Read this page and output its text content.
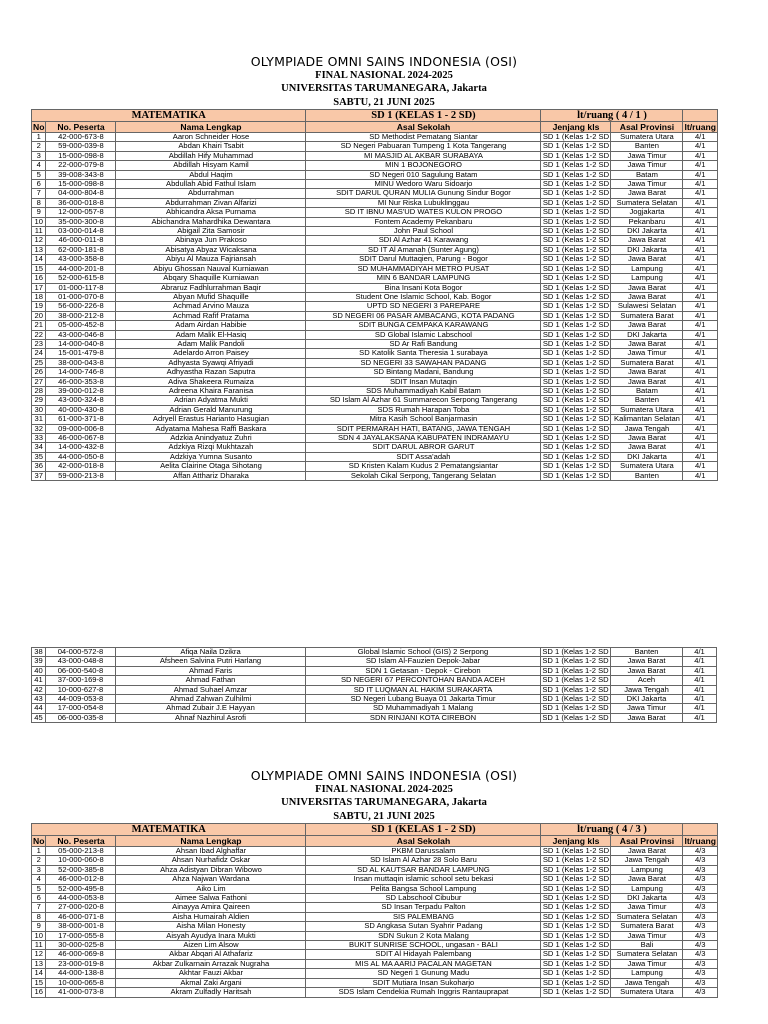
OLYMPIADE OMNI SAINS INDONESIA (OSI)
FINAL NASIONAL 2024-2025
UNIVERSITAS TARUMANEGARA, Jakarta
SABTU, 21 JUNI 2025
MATEMATIKA			SD 1 (KELAS 1 - 2 SD)	lt/ruang ( 4 / 1 )		
No	No. Peserta	Nama Lengkap	Asal Sekolah	Jenjang kls	Asal Provinsi	lt/ruang
1	42-000-673-8	Aaron Schneider Hose	SD Methodist Pematang Siantar	SD 1 (Kelas 1-2 SD	Sumatera Utara	4/1
2	59-000-039-8	Abdan Khairi Tsabit	SD Negeri Pabuaran Tumpeng 1 Kota Tangerang	SD 1 (Kelas 1-2 SD	Banten	4/1
3	15-000-098-8	Abdillah Hify Muhammad	MI MASJID AL AKBAR SURABAYA	SD 1 (Kelas 1-2 SD	Jawa Timur	4/1
4	22-000-079-8	Abdillah Hisyam Kamil	MIN 1 BOJONEGORO	SD 1 (Kelas 1-2 SD	Jawa Timur	4/1
5	39-008-343-8	Abdul Haqim	SD Negeri 010 Sagulung Batam	SD 1 (Kelas 1-2 SD	Batam	4/1
6	15-000-098-8	Abdullah Abid Fathul Islam	MINU Wedoro Waru Sidoarjo	SD 1 (Kelas 1-2 SD	Jawa Timur	4/1
7	04-000-804-8	Abdurrahman	SDIT DARUL QURAN MULIA Gunung Sindur Bogor	SD 1 (Kelas 1-2 SD	Jawa Barat	4/1
8	36-000-018-8	Abdurrahman Zivan Alfarizi	MI Nur Riska Lubuklinggau	SD 1 (Kelas 1-2 SD	Sumatera Selatan	4/1
9	12-000-057-8	Abhicandra Aksa Purnama	SD IT IBNU MAS'UD WATES KULON PROGO	SD 1 (Kelas 1-2 SD	Jogjakarta	4/1
10	35-000-300-8	Abichandra Mahardhika Dewantara	Fontem Academy Pekanbaru	SD 1 (Kelas 1-2 SD	Pekanbaru	4/1
11	03-000-014-8	Abigail Zita Samosir	John Paul School	SD 1 (Kelas 1-2 SD	DKI Jakarta	4/1
12	46-000-011-8	Abinaya Jun Prakoso	SDI Al Azhar 41 Karawang	SD 1 (Kelas 1-2 SD	Jawa Barat	4/1
13	62-000-181-8	Abisatya Abyaz Wicaksana	SD IT Al Amanah (Sunter Agung)	SD 1 (Kelas 1-2 SD	DKI Jakarta	4/1
14	43-000-358-8	Abiyu Al Mauza Fajriansah	SDIT Darul Muttaqien, Parung - Bogor	SD 1 (Kelas 1-2 SD	Jawa Barat	4/1
15	44-000-201-8	Abiyu Ghossan Nauval Kurniawan	SD MUHAMMADIYAH METRO PUSAT	SD 1 (Kelas 1-2 SD	Lampung	4/1
16	52-000-615-8	Abqary Shaquille Kurniawan	MIN 6 BANDAR LAMPUNG	SD 1 (Kelas 1-2 SD	Lampung	4/1
17	01-000-117-8	Abraruz Fadhlurrahman Baqir	Bina Insani Kota Bogor	SD 1 (Kelas 1-2 SD	Jawa Barat	4/1
18	01-000-070-8	Abyan Mufid Shaquille	Student One Islamic School, Kab. Bogor	SD 1 (Kelas 1-2 SD	Jawa Barat	4/1
19	56-000-226-8	Achmad Arvino Mauza	UPTD SD NEGERI 3 PAREPARE	SD 1 (Kelas 1-2 SD	Sulawesi Selatan	4/1
20	38-000-212-8	Achmad Rafif Pratama	SD NEGERI 06 PASAR AMBACANG, KOTA PADANG	SD 1 (Kelas 1-2 SD	Sumatera Barat	4/1
21	05-000-452-8	Adam Airdan Habibie	SDIT BUNGA CEMPAKA KARAWANG	SD 1 (Kelas 1-2 SD	Jawa Barat	4/1
22	43-000-046-8	Adam Malik El-Hasiq	SD Global Islamic Labschool	SD 1 (Kelas 1-2 SD	DKI Jakarta	4/1
23	14-000-040-8	Adam Malik Pandoli	SD Ar Rafi Bandung	SD 1 (Kelas 1-2 SD	Jawa Barat	4/1
24	15-001-479-8	Adelardo Arron Paisey	SD Katolik Santa Theresia 1 surabaya	SD 1 (Kelas 1-2 SD	Jawa Timur	4/1
25	38-000-043-8	Adhyasta Syawqi Afriyadi	SD NEGERI 33 SAWAHAN PADANG	SD 1 (Kelas 1-2 SD	Sumatera Barat	4/1
26	14-000-746-8	Adhyastha Razan Saputra	SD Bintang Madani, Bandung	SD 1 (Kelas 1-2 SD	Jawa Barat	4/1
27	46-000-353-8	Adiva Shakeera Rumaiza	SDIT Insan Mutaqin	SD 1 (Kelas 1-2 SD	Jawa Barat	4/1
28	39-000-012-8	Adreena Khaira Faranisa	SDS Muhammadiyah Kabil Batam	SD 1 (Kelas 1-2 SD	Batam	4/1
29	43-000-324-8	Adrian Adyatma Mukti	SD Islam Al Azhar 61 Summarecon Serpong Tangerang	SD 1 (Kelas 1-2 SD	Banten	4/1
30	40-000-430-8	Adrian Gerald Manurung	SDS Rumah Harapan Toba	SD 1 (Kelas 1-2 SD	Sumatera Utara	4/1
31	61-000-371-8	Adryell Erastus Harianto Hasugian	Mitra Kasih School Banjarmasin	SD 1 (Kelas 1-2 SD	Kalimantan Selatan	4/1
32	09-000-006-8	Adyatama Mahesa Raffi Baskara	SDIT PERMARAH HATI, BATANG, JAWA TENGAH	SD 1 (Kelas 1-2 SD	Jawa Tengah	4/1
33	46-000-067-8	Adzkia Anindyatuz Zuhri	SDN 4 JAYALAKSANA KABUPATEN INDRAMAYU	SD 1 (Kelas 1-2 SD	Jawa Barat	4/1
34	14-000-432-8	Adzkiya Rizqi Mukhtazah	SDIT DARUL ABROR GARUT	SD 1 (Kelas 1-2 SD	Jawa Barat	4/1
35	44-000-050-8	Adzkiya Yumna Susanto	SDIT Assa'adah	SD 1 (Kelas 1-2 SD	DKI Jakarta	4/1
36	42-000-018-8	Aelita Clairine Otaga Sihotang	SD Kristen Kalam Kudus 2 Pematangsiantar	SD 1 (Kelas 1-2 SD	Sumatera Utara	4/1
37	59-000-213-8	Affan Atthariz Dharaka	Sekolah Cikal Serpong, Tangerang Selatan	SD 1 (Kelas 1-2 SD	Banten	4/1
38	04-000-572-8	Afiqa Naila Dzikra	Global Islamic School (GIS) 2 Serpong	SD 1 (Kelas 1-2 SD	Banten	4/1
39	43-000-048-8	Afsheen Salvina Putri Harlang	SD Islam Al-Fauzien Depok-Jabar	SD 1 (Kelas 1-2 SD	Jawa Barat	4/1
40	06-000-540-8	Ahmad Faris	SDN 1 Getasan - Depok - Cirebon	SD 1 (Kelas 1-2 SD	Jawa Barat	4/1
41	37-000-169-8	Ahmad Fathan	SD NEGERI 67 PERCONTOHAN BANDA ACEH	SD 1 (Kelas 1-2 SD	Aceh	4/1
42	10-000-627-8	Ahmad Suhael Amzar	SD IT LUQMAN AL HAKIM SURAKARTA	SD 1 (Kelas 1-2 SD	Jawa Tengah	4/1
43	44-009-053-8	Ahmad Zahwan Zulhilmi	SD Negeri Lubang Buaya 01 Jakarta Timur	SD 1 (Kelas 1-2 SD	DKI Jakarta	4/1
44	17-000-054-8	Ahmad Zubair J.E Hayyan	SD Muhammadiyah 1 Malang	SD 1 (Kelas 1-2 SD	Jawa Timur	4/1
45	06-000-035-8	Ahnaf Nazhirul Asrofi	SDN RINJANI KOTA CIREBON	SD 1 (Kelas 1-2 SD	Jawa Barat	4/1
OLYMPIADE OMNI SAINS INDONESIA (OSI)
FINAL NASIONAL 2024-2025
UNIVERSITAS TARUMANEGARA, Jakarta
SABTU, 21 JUNI 2025
MATEMATIKA			SD 1 (KELAS 1 - 2 SD)	lt/ruang ( 4 / 3 )		
No	No. Peserta	Nama Lengkap	Asal Sekolah	Jenjang kls	Asal Provinsi	lt/ruang
1	05-000-213-8	Ahsan Ibad Alghaffar	PKBM Darussalam	SD 1 (Kelas 1-2 SD	Jawa Barat	4/3
2	10-000-060-8	Ahsan Nurhafidz Oskar	SD Islam Al Azhar 28 Solo Baru	SD 1 (Kelas 1-2 SD	Jawa Tengah	4/3
3	52-000-385-8	Ahza Adistyan Dibran Wibowo	SD AL KAUTSAR BANDAR LAMPUNG	SD 1 (Kelas 1-2 SD	Lampung	4/3
4	46-000-012-8	Ahza Najwan Wardana	Insan muttaqin islamic school setu bekasi	SD 1 (Kelas 1-2 SD	Jawa Barat	4/3
5	52-000-495-8	Aiko Lim	Pelita Bangsa School Lampung	SD 1 (Kelas 1-2 SD	Lampung	4/3
6	44-000-053-8	Aimee Salwa Fathoni	SD Labschool Cibubur	SD 1 (Kelas 1-2 SD	DKI Jakarta	4/3
7	27-000-020-8	Ainayya Amira Qaireen	SD Insan Terpadu Palton	SD 1 (Kelas 1-2 SD	Jawa Timur	4/3
8	46-000-071-8	Aisha Humairah Aldien	SIS PALEMBANG	SD 1 (Kelas 1-2 SD	Sumatera Selatan	4/3
9	38-000-001-8	Aisha Milan Honesty	SD Angkasa Sutan Syahrir Padang	SD 1 (Kelas 1-2 SD	Sumatera Barat	4/3
10	17-000-055-8	Aisyah Ayudya Inara Mukti	SDN Sukun 2 Kota Malang	SD 1 (Kelas 1-2 SD	Jawa Timur	4/3
11	30-000-025-8	Aizen Lim Alsow	BUKIT SUNRISE SCHOOL, ungasan - BALI	SD 1 (Kelas 1-2 SD	Bali	4/3
12	46-000-069-8	Akbar Abqari Al Athafariz	SDIT Al Hidayah Palembang	SD 1 (Kelas 1-2 SD	Sumatera Selatan	4/3
13	23-000-019-8	Akbar Zulkarnain Arrazak Nugraha	MIS AL MA AARIJ PACALAN MAGETAN	SD 1 (Kelas 1-2 SD	Jawa Timur	4/3
14	44-000-138-8	Akhtar Fauzi Akbar	SD Negeri 1 Gunung Madu	SD 1 (Kelas 1-2 SD	Lampung	4/3
15	10-000-065-8	Akmal Zaki Argani	SDIT Mutiara Insan Sukoharjo	SD 1 (Kelas 1-2 SD	Jawa Tengah	4/3
16	41-000-073-8	Akram Zulfadly Haritsah	SDS Islam Cendekia Rumah Inggris Rantauprapat	SD 1 (Kelas 1-2 SD	Sumatera Utara	4/3
